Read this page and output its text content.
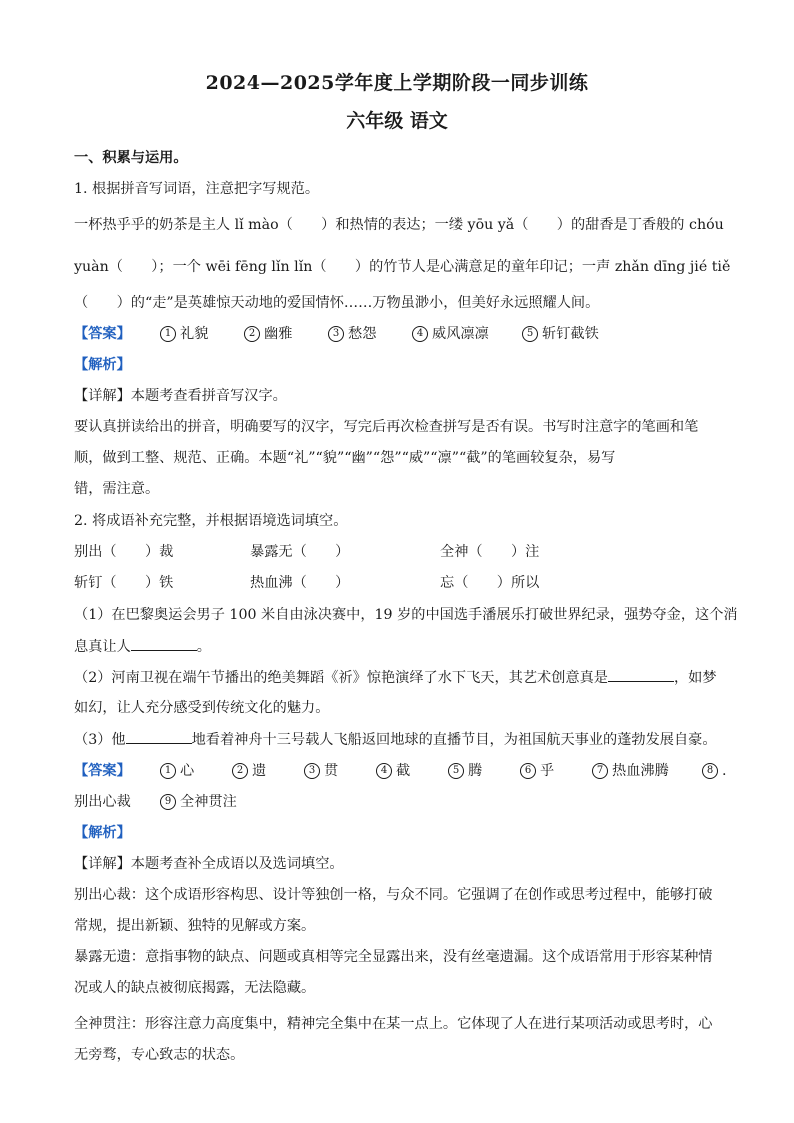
2024—2025学年度上学期阶段一同步训练
六年级 语文
一、积累与运用。
1. 根据拼音写词语，注意把字写规范。
一杯热乎乎的奶茶是主人 lǐ mào（　　）和热情的表达；一缕 yōu yǎ（　　）的甜香是丁香般的 chóu
yuàn（　　）；一个 wēi fēng lǐn lǐn（　　）的竹节人是心满意足的童年印记；一声 zhǎn dīng jié tiě
（　　）的“走”是英雄惊天动地的爱国情怀……万物虽渺小，但美好永远照耀人间。
【答案】	1 礼貌	2 幽雅	3 愁怨	4 威风凛凛	5 斩钉截铁
【解析】
【详解】本题考查看拼音写汉字。
要认真拼读给出的拼音，明确要写的汉字，写完后再次检查拼写是否有误。书写时注意字的笔画和笔
顺，做到工整、规范、正确。本题“礼”“貌”“幽”“怨”“威”“凛”“截”的笔画较复杂，易写
错，需注意。
2. 将成语补充完整，并根据语境选词填空。
别出（　　）裁	暴露无（　　）	全神（　　）注
斩钉（　　）铁	热血沸（　　）	忘（　　）所以
（1）在巴黎奥运会男子 100 米自由泳决赛中，19 岁的中国选手潘展乐打破世界纪录，强势夺金，这个消
息真让人	。
（2）河南卫视在端午节播出的绝美舞蹈《祈》惊艳演绎了水下飞天，其艺术创意真是	，如梦
如幻，让人充分感受到传统文化的魅力。
（3）他	地看着神舟十三号载人飞船返回地球的直播节目，为祖国航天事业的蓬勃发展自豪。
【答案】	1 心	2 遗	3 贯	4 截	5 腾	6 乎	7 热血沸腾	8 .
别出心裁	9 全神贯注
【解析】
【详解】本题考查补全成语以及选词填空。
别出心裁：这个成语形容构思、设计等独创一格，与众不同。它强调了在创作或思考过程中，能够打破
常规，提出新颖、独特的见解或方案。
暴露无遗：意指事物的缺点、问题或真相等完全显露出来，没有丝毫遗漏。这个成语常用于形容某种情
况或人的缺点被彻底揭露，无法隐藏。
全神贯注：形容注意力高度集中，精神完全集中在某一点上。它体现了人在进行某项活动或思考时，心
无旁骛，专心致志的状态。
